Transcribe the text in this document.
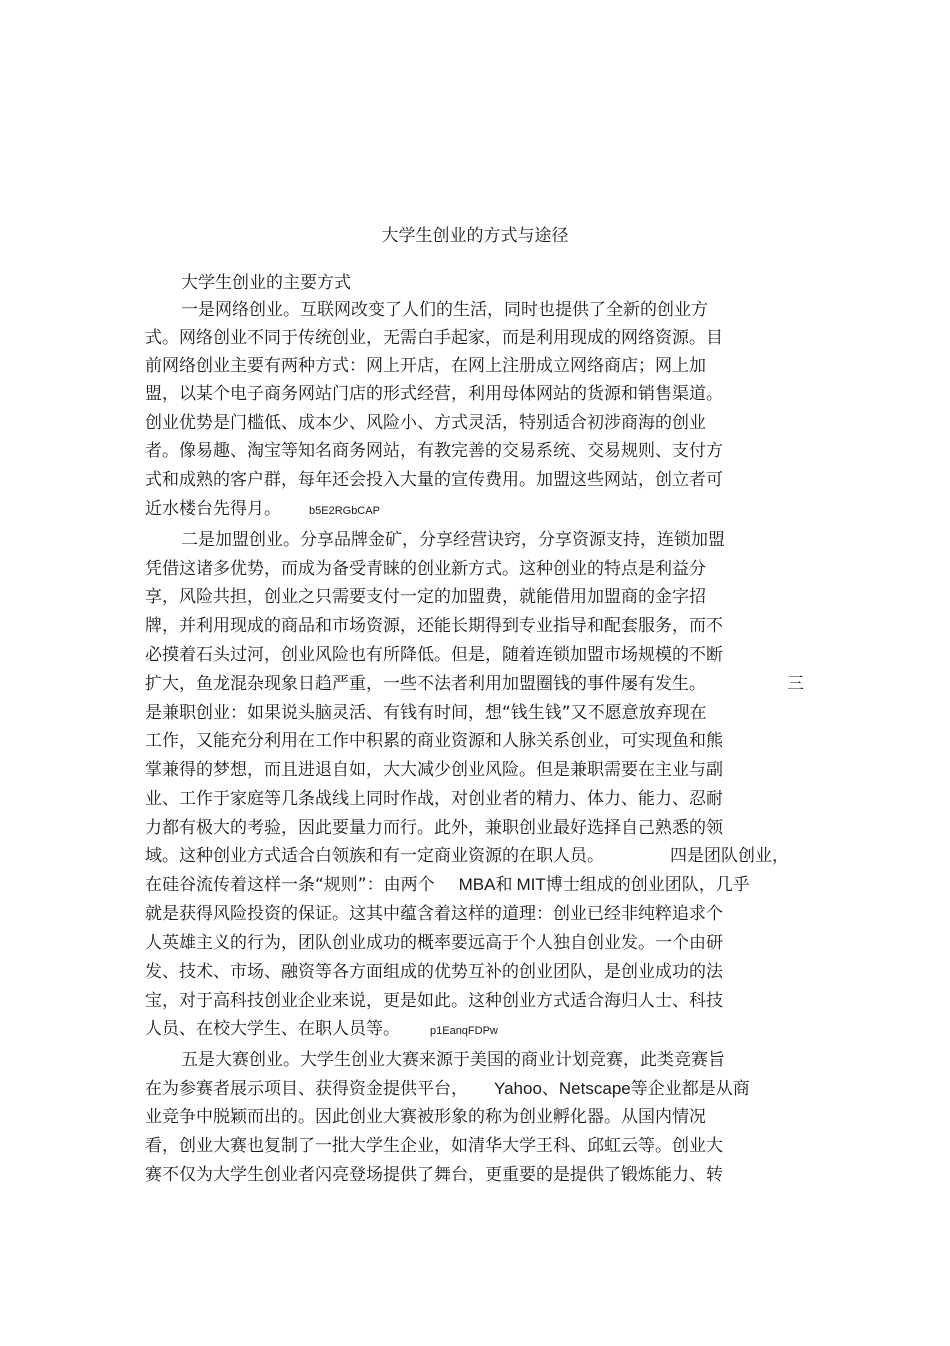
大学生创业的方式与途径
大学生创业的主要方式
一是网络创业。互联网改变了人们的生活，同时也提供了全新的创业方
式。网络创业不同于传统创业，无需白手起家，而是利用现成的网络资源。目
前网络创业主要有两种方式：网上开店，在网上注册成立网络商店；网上加
盟，以某个电子商务网站门店的形式经营，利用母体网站的货源和销售渠道。
创业优势是门槛低、成本少、风险小、方式灵活，特别适合初涉商海的创业
者。像易趣、淘宝等知名商务网站，有教完善的交易系统、交易规则、支付方
式和成熟的客户群，每年还会投入大量的宣传费用。加盟这些网站，创立者可
近水楼台先得月。	b5E2RGbCAP
二是加盟创业。分享品牌金矿，分享经营诀窍，分享资源支持，连锁加盟
凭借这诸多优势，而成为备受青睐的创业新方式。这种创业的特点是利益分
享，风险共担，创业之只需要支付一定的加盟费，就能借用加盟商的金字招
牌，并利用现成的商品和市场资源，还能长期得到专业指导和配套服务，而不
必摸着石头过河，创业风险也有所降低。但是，随着连锁加盟市场规模的不断
扩大，鱼龙混杂现象日趋严重，一些不法者利用加盟圈钱的事件屡有发生。	三
是兼职创业：如果说头脑灵活、有钱有时间，想“钱生钱”又不愿意放弃现在
工作，又能充分利用在工作中积累的商业资源和人脉关系创业，可实现鱼和熊
掌兼得的梦想，而且进退自如，大大减少创业风险。但是兼职需要在主业与副
业、工作于家庭等几条战线上同时作战，对创业者的精力、体力、能力、忍耐
力都有极大的考验，因此要量力而行。此外，兼职创业最好选择自己熟悉的领
域。这种创业方式适合白领族和有一定商业资源的在职人员。	四是团队创业，
在硅谷流传着这样一条“规则”：由两个 MBA和 MIT博士组成的创业团队，几乎
就是获得风险投资的保证。这其中蕴含着这样的道理：创业已经非纯粹追求个
人英雄主义的行为，团队创业成功的概率要远高于个人独自创业发。一个由研
发、技术、市场、融资等各方面组成的优势互补的创业团队，是创业成功的法
宝，对于高科技创业企业来说，更是如此。这种创业方式适合海归人士、科技
人员、在校大学生、在职人员等。	p1EanqFDPw
五是大赛创业。大学生创业大赛来源于美国的商业计划竞赛，此类竞赛旨
在为参赛者展示项目、获得资金提供平台， Yahoo、Netscape等企业都是从商
业竞争中脱颖而出的。因此创业大赛被形象的称为创业孵化器。从国内情况
看，创业大赛也复制了一批大学生企业，如清华大学王科、邱虹云等。创业大
赛不仅为大学生创业者闪亮登场提供了舞台，更重要的是提供了锻炼能力、转
